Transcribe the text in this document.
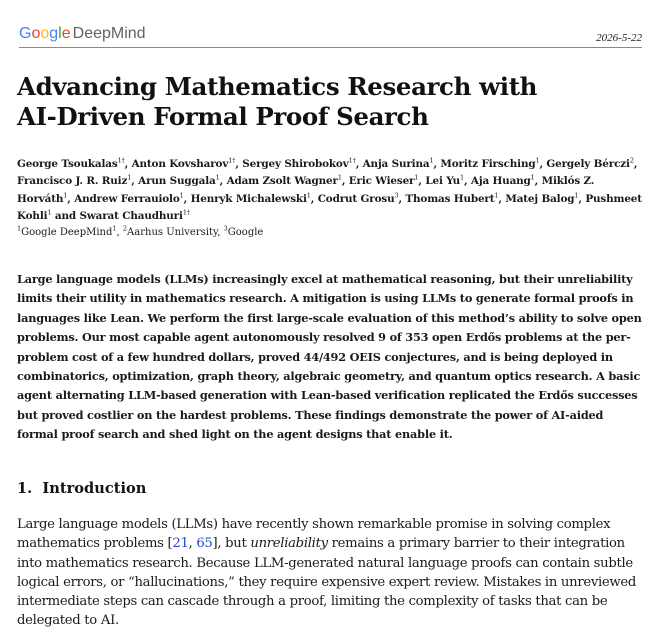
Google DeepMind	2026-5-22
Advancing Mathematics Research with
AI-Driven Formal Proof Search
George Tsoukalas$^{1\dagger}$, Anton Kovsharov$^{1\dagger}$, Sergey Shirobokov$^{1\dagger}$, Anja Surina$^1$, Moritz Firsching$^1$, Gergely Bérczi$^2$, Francisco J. R. Ruiz$^1$, Arun Suggala$^1$, Adam Zsolt Wagner$^1$, Eric Wieser$^1$, Lei Yu$^1$, Aja Huang$^1$, Miklós Z. Horváth$^1$, Andrew Ferrauiolo$^1$, Henryk Michalewski$^1$, Codrut Grosu$^3$, Thomas Hubert$^1$, Matej Balog$^1$, Pushmeet Kohli$^1$ and Swarat Chaudhuri$^{1\dagger}$
$^1$Google DeepMind$^1$, $^2$Aarhus University, $^3$Google

Large language models (LLMs) increasingly excel at mathematical reasoning, but their unreliability limits their utility in mathematics research. A mitigation is using LLMs to generate formal proofs in languages like Lean. We perform the first large-scale evaluation of this method’s ability to solve open problems. Our most capable agent autonomously resolved 9 of 353 open Erdős problems at the per-problem cost of a few hundred dollars, proved 44/492 OEIS conjectures, and is being deployed in combinatorics, optimization, graph theory, algebraic geometry, and quantum optics research. A basic agent alternating LLM-based generation with Lean-based verification replicated the Erdős successes but proved costlier on the hardest problems. These findings demonstrate the power of AI-aided formal proof search and shed light on the agent designs that enable it.

1. Introduction

Large language models (LLMs) have recently shown remarkable promise in solving complex mathematics problems [21, 65], but unreliability remains a primary barrier to their integration into mathematics research. Because LLM-generated natural language proofs can contain subtle logical errors, or “hallucinations,” they require expensive expert review. Mistakes in unreviewed intermediate steps can cascade through a proof, limiting the complexity of tasks that can be delegated to AI.
